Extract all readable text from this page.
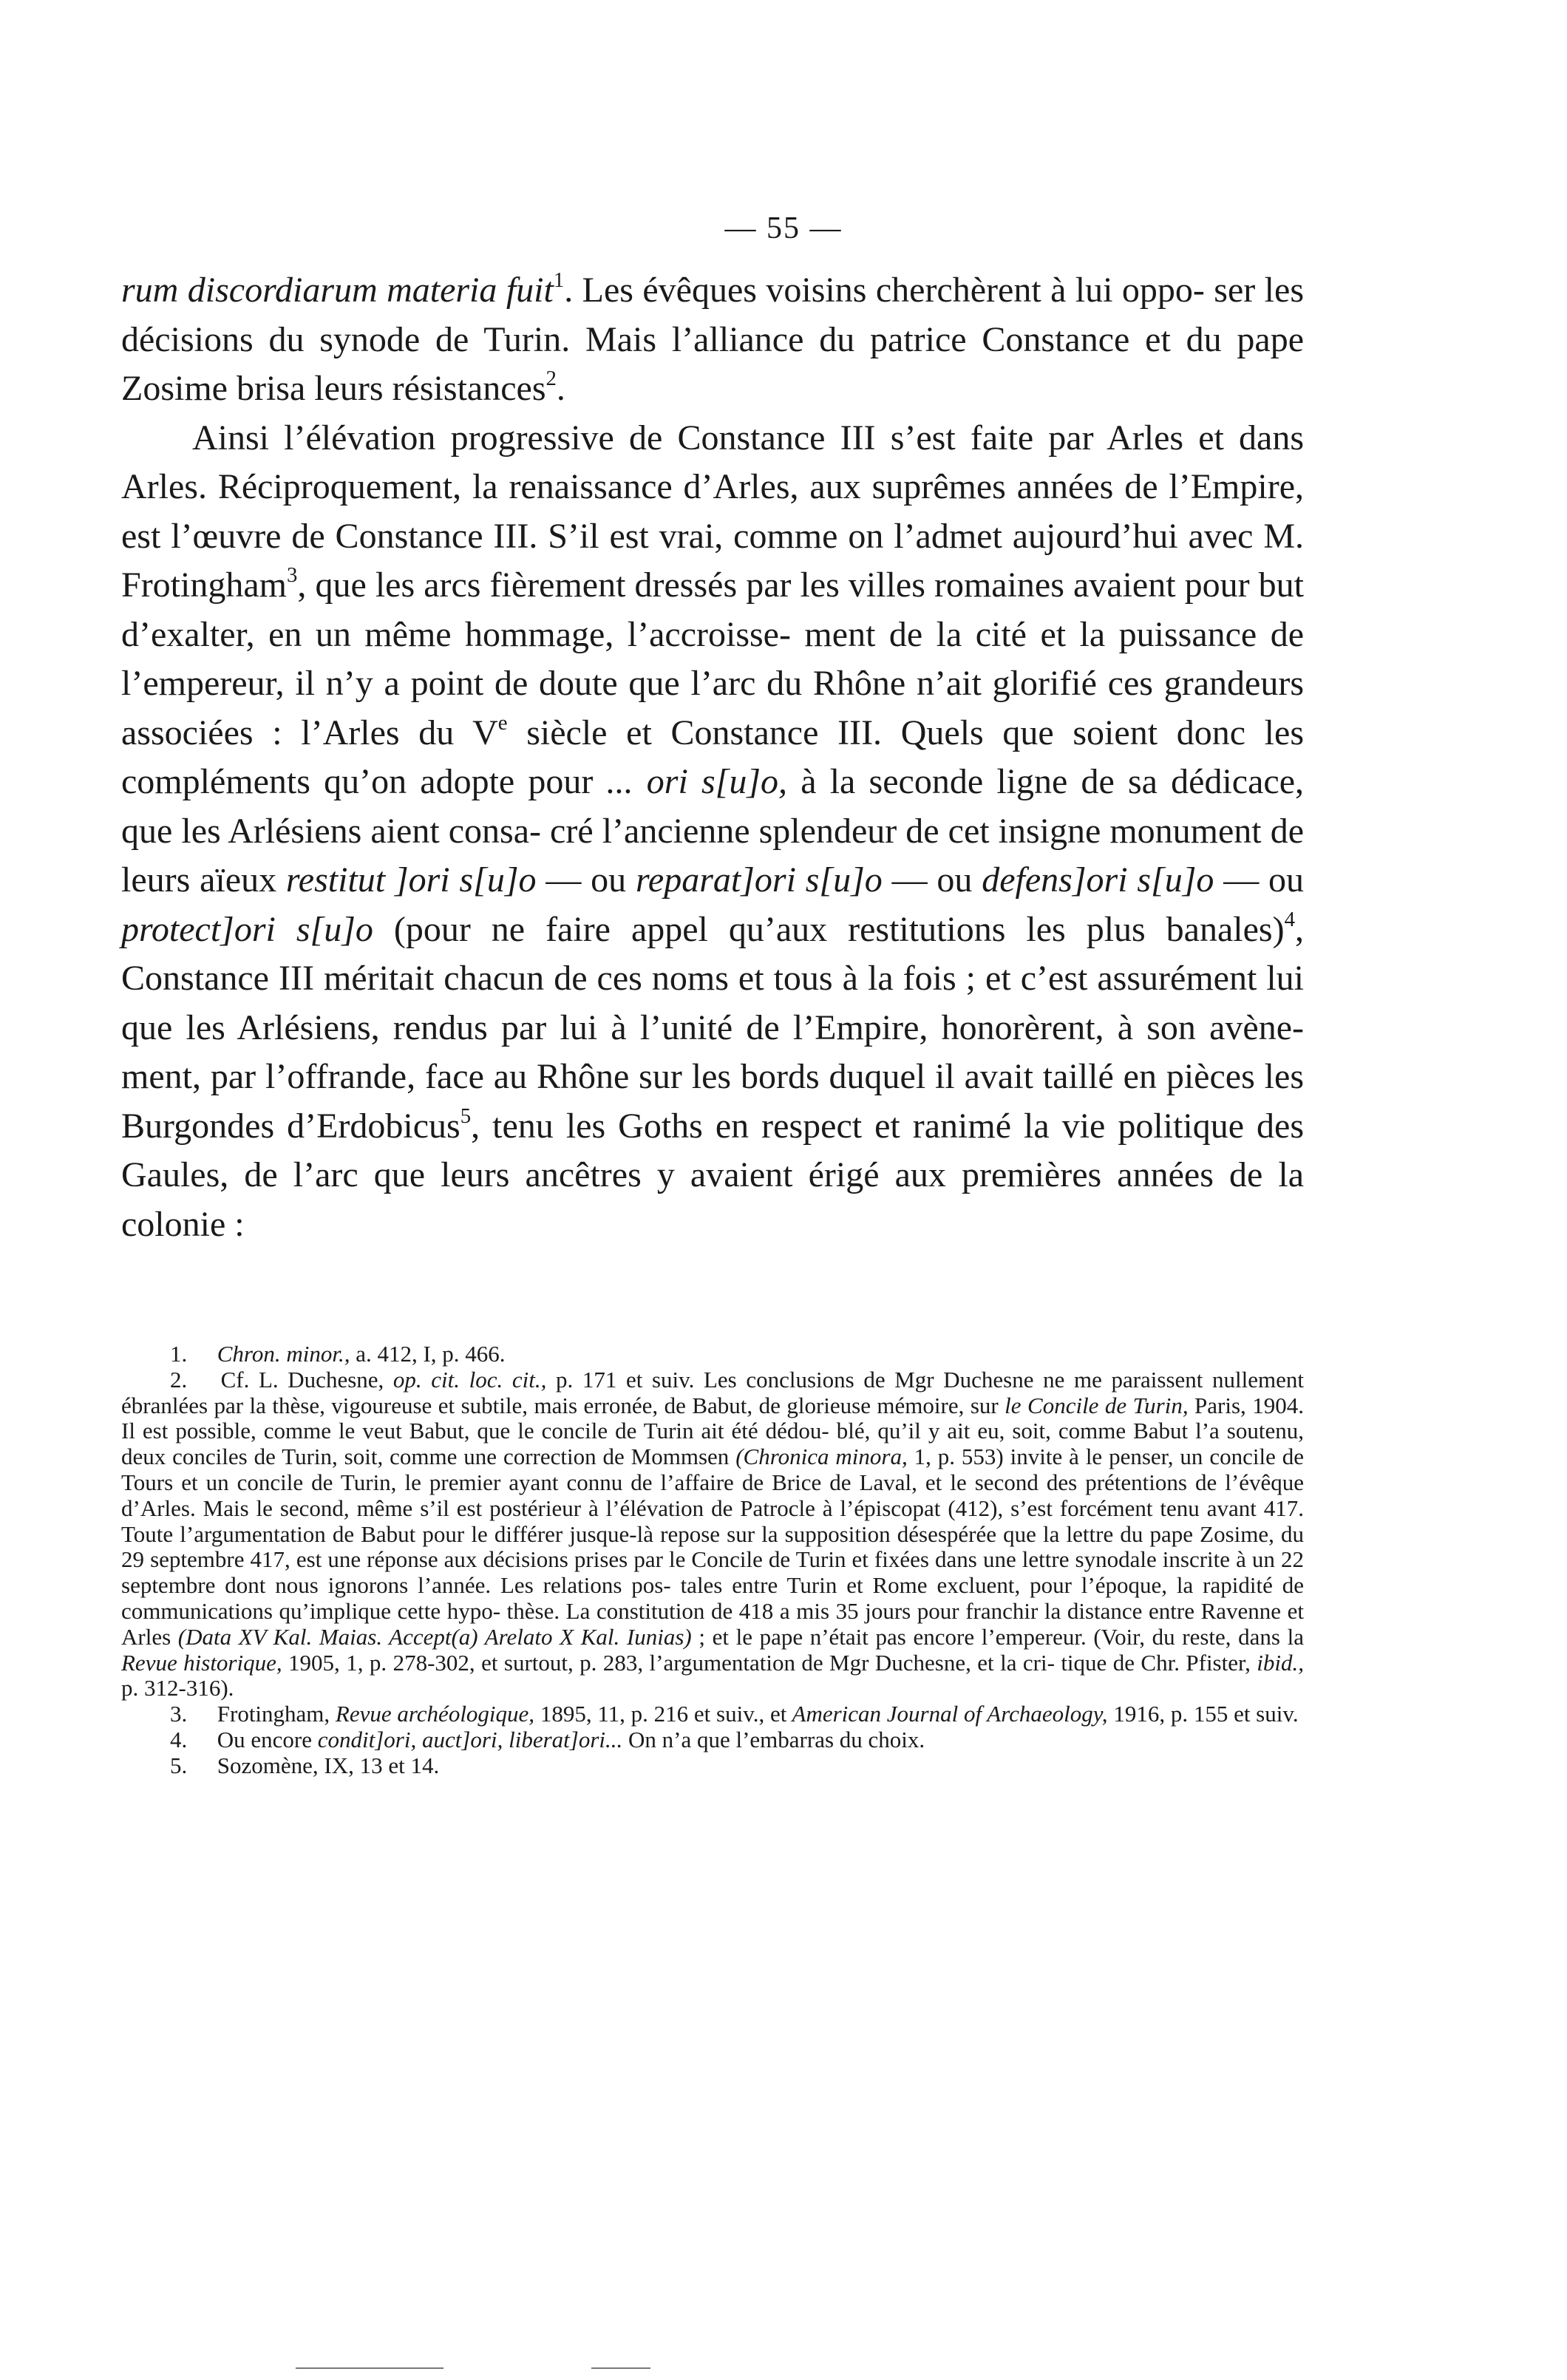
— 55 —

rum discordiarum materia fuit$^1$. Les évêques voisins cherchèrent à lui oppo- ser les décisions du synode de Turin. Mais l’alliance du patrice Constance et du pape Zosime brisa leurs résistances$^2$.

Ainsi l’élévation progressive de Constance III s’est faite par Arles et dans Arles. Réciproquement, la renaissance d’Arles, aux suprêmes années de l’Empire, est l’œuvre de Constance III. S’il est vrai, comme on l’admet aujourd’hui avec M. Frotingham$^3$, que les arcs fièrement dressés par les villes romaines avaient pour but d’exalter, en un même hommage, l’accroisse- ment de la cité et la puissance de l’empereur, il n’y a point de doute que l’arc du Rhône n’ait glorifié ces grandeurs associées : l’Arles du Ve siècle et Constance III. Quels que soient donc les compléments qu’on adopte pour ... ori s[u]o, à la seconde ligne de sa dédicace, que les Arlésiens aient consa- cré l’ancienne splendeur de cet insigne monument de leurs aïeux restitut ]ori s[u]o — ou reparat]ori s[u]o — ou defens]ori s[u]o — ou protect]ori s[u]o (pour ne faire appel qu’aux restitutions les plus banales)$^4$, Constance III méritait chacun de ces noms et tous à la fois ; et c’est assurément lui que les Arlésiens, rendus par lui à l’unité de l’Empire, honorèrent, à son avène- ment, par l’offrande, face au Rhône sur les bords duquel il avait taillé en pièces les Burgondes d’Erdobicus$^5$, tenu les Goths en respect et ranimé la vie politique des Gaules, de l’arc que leurs ancêtres y avaient érigé aux premières années de la colonie :

1. Chron. minor., a. 412, I, p. 466.

2. Cf. L. Duchesne, op. cit. loc. cit., p. 171 et suiv. Les conclusions de Mgr Duchesne ne me paraissent nullement ébranlées par la thèse, vigoureuse et subtile, mais erronée, de Babut, de glorieuse mémoire, sur le Concile de Turin, Paris, 1904. Il est possible, comme le veut Babut, que le concile de Turin ait été dédou- blé, qu’il y ait eu, soit, comme Babut l’a soutenu, deux conciles de Turin, soit, comme une correction de Mommsen (Chronica minora, 1, p. 553) invite à le penser, un concile de Tours et un concile de Turin, le premier ayant connu de l’affaire de Brice de Laval, et le second des prétentions de l’évêque d’Arles. Mais le second, même s’il est postérieur à l’élévation de Patrocle à l’épiscopat (412), s’est forcément tenu avant 417. Toute l’argumentation de Babut pour le différer jusque-là repose sur la supposition désespérée que la lettre du pape Zosime, du 29 septembre 417, est une réponse aux décisions prises par le Concile de Turin et fixées dans une lettre synodale inscrite à un 22 septembre dont nous ignorons l’année. Les relations pos- tales entre Turin et Rome excluent, pour l’époque, la rapidité de communications qu’implique cette hypo- thèse. La constitution de 418 a mis 35 jours pour franchir la distance entre Ravenne et Arles (Data XV Kal. Maias. Accept(a) Arelato X Kal. Iunias) ; et le pape n’était pas encore l’empereur. (Voir, du reste, dans la Revue historique, 1905, 1, p. 278-302, et surtout, p. 283, l’argumentation de Mgr Duchesne, et la cri- tique de Chr. Pfister, ibid., p. 312-316).

3. Frotingham, Revue archéologique, 1895, 11, p. 216 et suiv., et American Journal of Archaeology, 1916, p. 155 et suiv.

4. Ou encore condit]ori, auct]ori, liberat]ori... On n’a que l’embarras du choix.

5. Sozomène, IX, 13 et 14.
